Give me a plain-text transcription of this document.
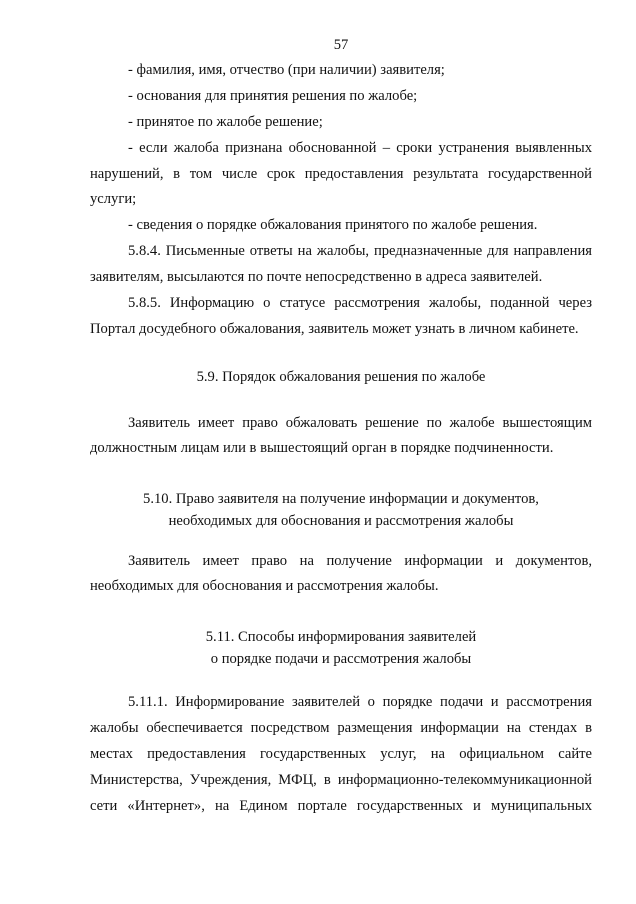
57
- фамилия, имя, отчество (при наличии) заявителя;
- основания для принятия решения по жалобе;
- принятое по жалобе решение;
- если жалоба признана обоснованной – сроки устранения выявленных
нарушений, в том числе срок предоставления результата государственной
услуги;
- сведения о порядке обжалования принятого по жалобе решения.
5.8.4. Письменные ответы на жалобы, предназначенные для направления
заявителям, высылаются по почте непосредственно в адреса заявителей.
5.8.5. Информацию о статусе рассмотрения жалобы, поданной через
Портал досудебного обжалования, заявитель может узнать в личном кабинете.
5.9. Порядок обжалования решения по жалобе
Заявитель имеет право обжаловать решение по жалобе вышестоящим
должностным лицам или в вышестоящий орган в порядке подчиненности.
5.10. Право заявителя на получение информации и документов,
необходимых для обоснования и рассмотрения жалобы
Заявитель имеет право на получение информации и документов,
необходимых для обоснования и рассмотрения жалобы.
5.11. Способы информирования заявителей
о порядке подачи и рассмотрения жалобы
5.11.1. Информирование заявителей о порядке подачи и рассмотрения
жалобы обеспечивается посредством размещения информации на стендах в
местах предоставления государственных услуг, на официальном сайте
Министерства, Учреждения, МФЦ, в информационно-телекоммуникационной
сети «Интернет», на Едином портале государственных и муниципальных
